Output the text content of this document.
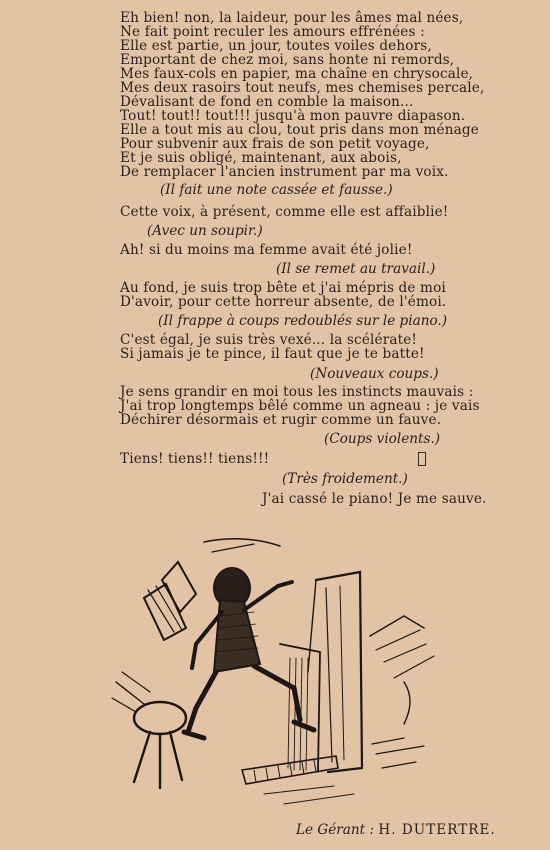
Eh bien! non, la laideur, pour les âmes mal nées,
Ne fait point reculer les amours effrénées :
Elle est partie, un jour, toutes voiles dehors,
Emportant de chez moi, sans honte ni remords,
Mes faux-cols en papier, ma chaîne en chrysocale,
Mes deux rasoirs tout neufs, mes chemises percale,
Dévalisant de fond en comble la maison...
Tout! tout!! tout!!! jusqu'à mon pauvre diapason.
Elle a tout mis au clou, tout pris dans mon ménage
Pour subvenir aux frais de son petit voyage,
Et je suis obligé, maintenant, aux abois,
De remplacer l'ancien instrument par ma voix.
(Il fait une note cassée et fausse.)
Cette voix, à présent, comme elle est affaiblie!
(Avec un soupir.)
Ah! si du moins ma femme avait été jolie!
(Il se remet au travail.)
Au fond, je suis trop bête et j'ai mépris de moi
D'avoir, pour cette horreur absente, de l'émoi.
(Il frappe à coups redoublés sur le piano.)
C'est égal, je suis très vexé... la scélérate!
Si jamais je te pince, il faut que je te batte!
(Nouveaux coups.)
Je sens grandir en moi tous les instincts mauvais :
J'ai trop longtemps bêlé comme un agneau : je vais
Déchirer désormais et rugir comme un fauve.
(Coups violents.)
Tiens! tiens!! tiens!!!
(Très froidement.)
J'ai cassé le piano! Je me sauve.
Le Gérant : H. DUTERTRE.
